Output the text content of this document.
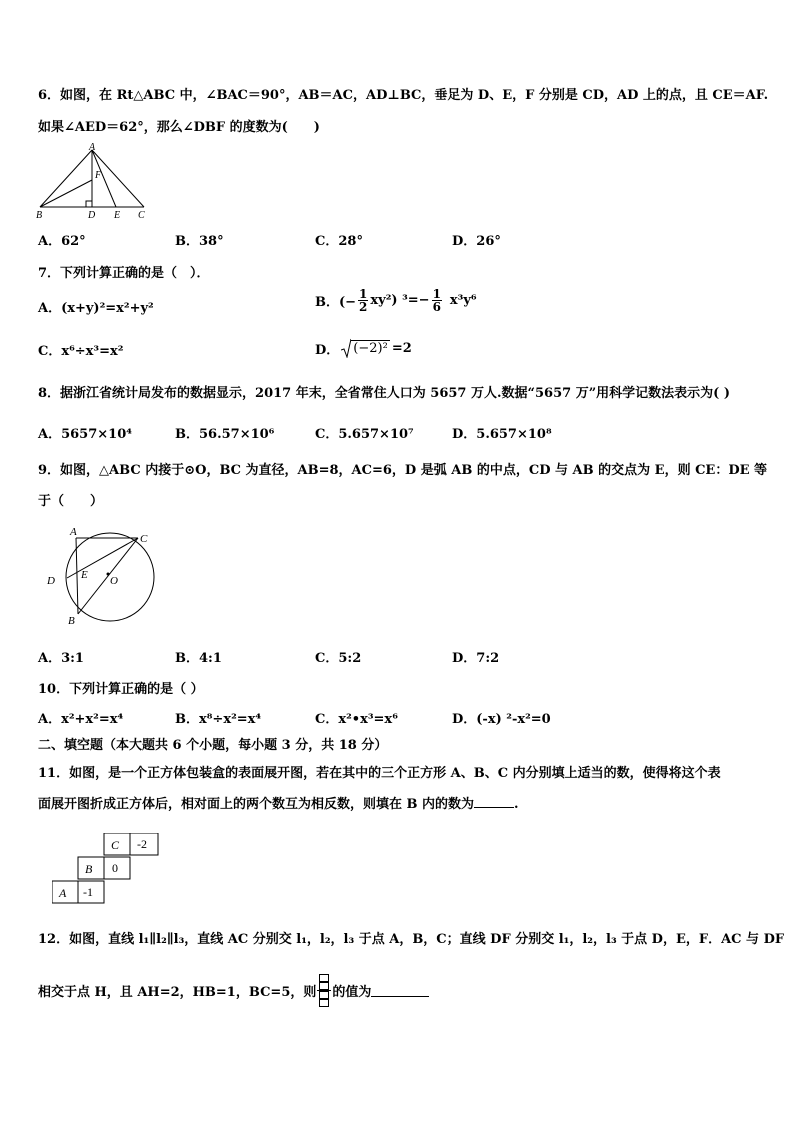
6．如图，在 Rt△ABC 中，∠BAC＝90°，AB＝AC，AD⊥BC，垂足为 D、E，F 分别是 CD，AD 上的点，且 CE＝AF.
如果∠AED＝62°，那么∠DBF 的度数为(　　)
A
F
B	D E C
A．62°	B．38°	C．28°	D．26°
7．下列计算正确的是（　）．
A．(x+y)²=x²+y²	B．(− $\frac{1}{2} xy^2$) $^3=- \frac{1}{6} x^3y^6$
C．x⁶÷x³=x²	D． (−2)² =2
8．据浙江省统计局发布的数据显示，2017 年末，全省常住人口为 5657 万人.数据“5657 万”用科学记数法表示为( )
A．5657×10⁴	B．56.57×10⁶	C．5.657×10⁷	D．5.657×10⁸
9．如图，△ABC 内接于⊙O，BC 为直径，AB=8，AC=6，D 是弧 AB 的中点，CD 与 AB 的交点为 E，则 CE：DE 等
于（　　）
A
C
D E O
B
A．3:1	B．4:1	C．5:2	D．7:2
10．下列计算正确的是（ ）
A．x²+x²=x⁴	B．x⁸÷x²=x⁴	C．x²•x³=x⁶	D．(-x) ²-x²=0
二、填空题（本大题共 6 个小题，每小题 3 分，共 18 分）
11．如图，是一个正方体包装盒的表面展开图，若在其中的三个正方形 A、B、C 内分别填上适当的数，使得将这个表
面展开图折成正方体后，相对面上的两个数互为相反数，则填在 B 内的数为	.
C -2
B 0
A -1
12．如图，直线 l₁∥l₂∥l₃，直线 AC 分别交 l₁，l₂，l₃ 于点 A，B，C；直线 DF 分别交 l₁，l₂，l₃ 于点 D，E，F．AC 与 DF
相交于点 H，且 AH=2，HB=1，BC=5，则 的值为
